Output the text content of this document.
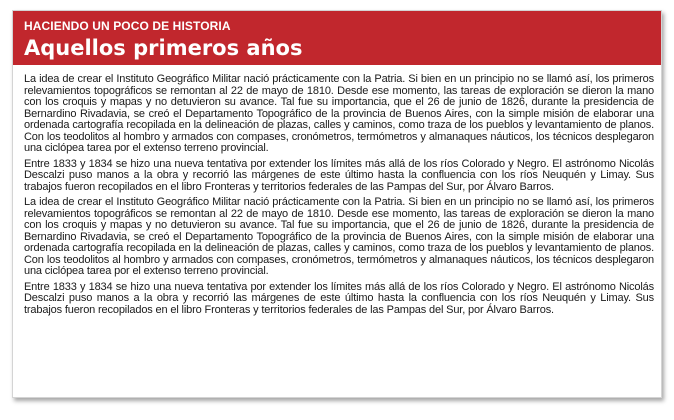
HACIENDO UN POCO DE HISTORIA
Aquellos primeros años

La idea de crear el Instituto Geográfico Militar nació prácticamente con la Patria. Si bien en un principio no se llamó así, los primeros relevamientos topográficos se remontan al 22 de mayo de 1810. Desde ese momento, las tareas de exploración se dieron la mano con los croquis y mapas y no detuvieron su avance. Tal fue su importancia, que el 26 de junio de 1826, durante la presidencia de Bernardino Rivadavia, se creó el Departamento Topográfico de la provincia de Buenos Aires, con la simple misión de elaborar una ordenada cartografía recopilada en la delineación de plazas, calles y caminos, como traza de los pueblos y levantamiento de planos. Con los teodolitos al hombro y armados con compases, cronómetros, termómetros y almanaques náuticos, los técnicos desplegaron una ciclópea tarea por el extenso terreno provincial.

Entre 1833 y 1834 se hizo una nueva tentativa por extender los límites más allá de los ríos Colorado y Negro. El astrónomo Nicolás Descalzi puso manos a la obra y recorrió las márgenes de este último hasta la confluencia con los ríos Neuquén y Limay. Sus trabajos fueron recopilados en el libro Fronteras y territorios federales de las Pampas del Sur, por Álvaro Barros.

La idea de crear el Instituto Geográfico Militar nació prácticamente con la Patria. Si bien en un principio no se llamó así, los primeros relevamientos topográficos se remontan al 22 de mayo de 1810. Desde ese momento, las tareas de exploración se dieron la mano con los croquis y mapas y no detuvieron su avance. Tal fue su importancia, que el 26 de junio de 1826, durante la presidencia de Bernardino Rivadavia, se creó el Departamento Topográfico de la provincia de Buenos Aires, con la simple misión de elaborar una ordenada cartografía recopilada en la delineación de plazas, calles y caminos, como traza de los pueblos y levantamiento de planos. Con los teodolitos al hombro y armados con compases, cronómetros, termómetros y almanaques náuticos, los técnicos desplegaron una ciclópea tarea por el extenso terreno provincial.

Entre 1833 y 1834 se hizo una nueva tentativa por extender los límites más allá de los ríos Colorado y Negro. El astrónomo Nicolás Descalzi puso manos a la obra y recorrió las márgenes de este último hasta la confluencia con los ríos Neuquén y Limay. Sus trabajos fueron recopilados en el libro Fronteras y territorios federales de las Pampas del Sur, por Álvaro Barros.
